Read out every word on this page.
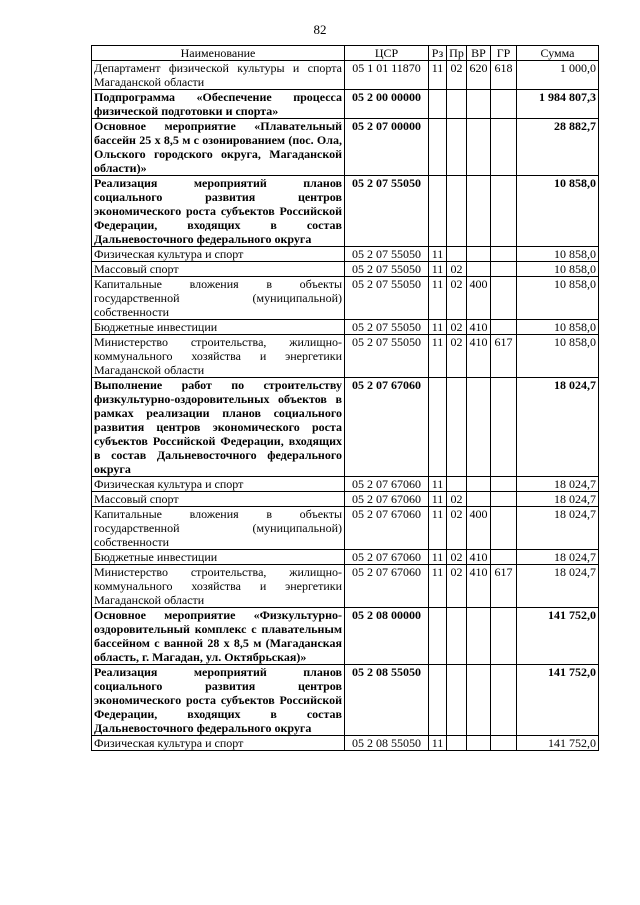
82
Наименование	ЦСР	Рз	Пр	ВР	ГР	Сумма
Департамент физической культуры и спорта Магаданской области	05 1 01 11870	11	02	620	618	1 000,0
Подпрограмма «Обеспечение процесса физической подготовки и спорта»	05 2 00 00000					1 984 807,3
Основное мероприятие «Плавательный бассейн 25 х 8,5 м с озонированием (пос. Ола, Ольского городского округа, Магаданской области)»	05 2 07 00000					28 882,7
Реализация мероприятий планов социального развития центров экономического роста субъектов Российской Федерации, входящих в состав Дальневосточного федерального округа	05 2 07 55050					10 858,0
Физическая культура и спорт	05 2 07 55050	11				10 858,0
Массовый спорт	05 2 07 55050	11	02			10 858,0
Капитальные вложения в объекты государственной (муниципальной) собственности	05 2 07 55050	11	02	400		10 858,0
Бюджетные инвестиции	05 2 07 55050	11	02	410		10 858,0
Министерство строительства, жилищно-коммунального хозяйства и энергетики Магаданской области	05 2 07 55050	11	02	410	617	10 858,0
Выполнение работ по строительству физкультурно-оздоровительных объектов в рамках реализации планов социального развития центров экономического роста субъектов Российской Федерации, входящих в состав Дальневосточного федерального округа	05 2 07 67060					18 024,7
Физическая культура и спорт	05 2 07 67060	11				18 024,7
Массовый спорт	05 2 07 67060	11	02			18 024,7
Капитальные вложения в объекты государственной (муниципальной) собственности	05 2 07 67060	11	02	400		18 024,7
Бюджетные инвестиции	05 2 07 67060	11	02	410		18 024,7
Министерство строительства, жилищно-коммунального хозяйства и энергетики Магаданской области	05 2 07 67060	11	02	410	617	18 024,7
Основное мероприятие «Физкультурно-оздоровительный комплекс с плавательным бассейном с ванной 28 х 8,5 м (Магаданская область, г. Магадан, ул. Октябрьская)»	05 2 08 00000					141 752,0
Реализация мероприятий планов социального развития центров экономического роста субъектов Российской Федерации, входящих в состав Дальневосточного федерального округа	05 2 08 55050					141 752,0
Физическая культура и спорт	05 2 08 55050	11				141 752,0
